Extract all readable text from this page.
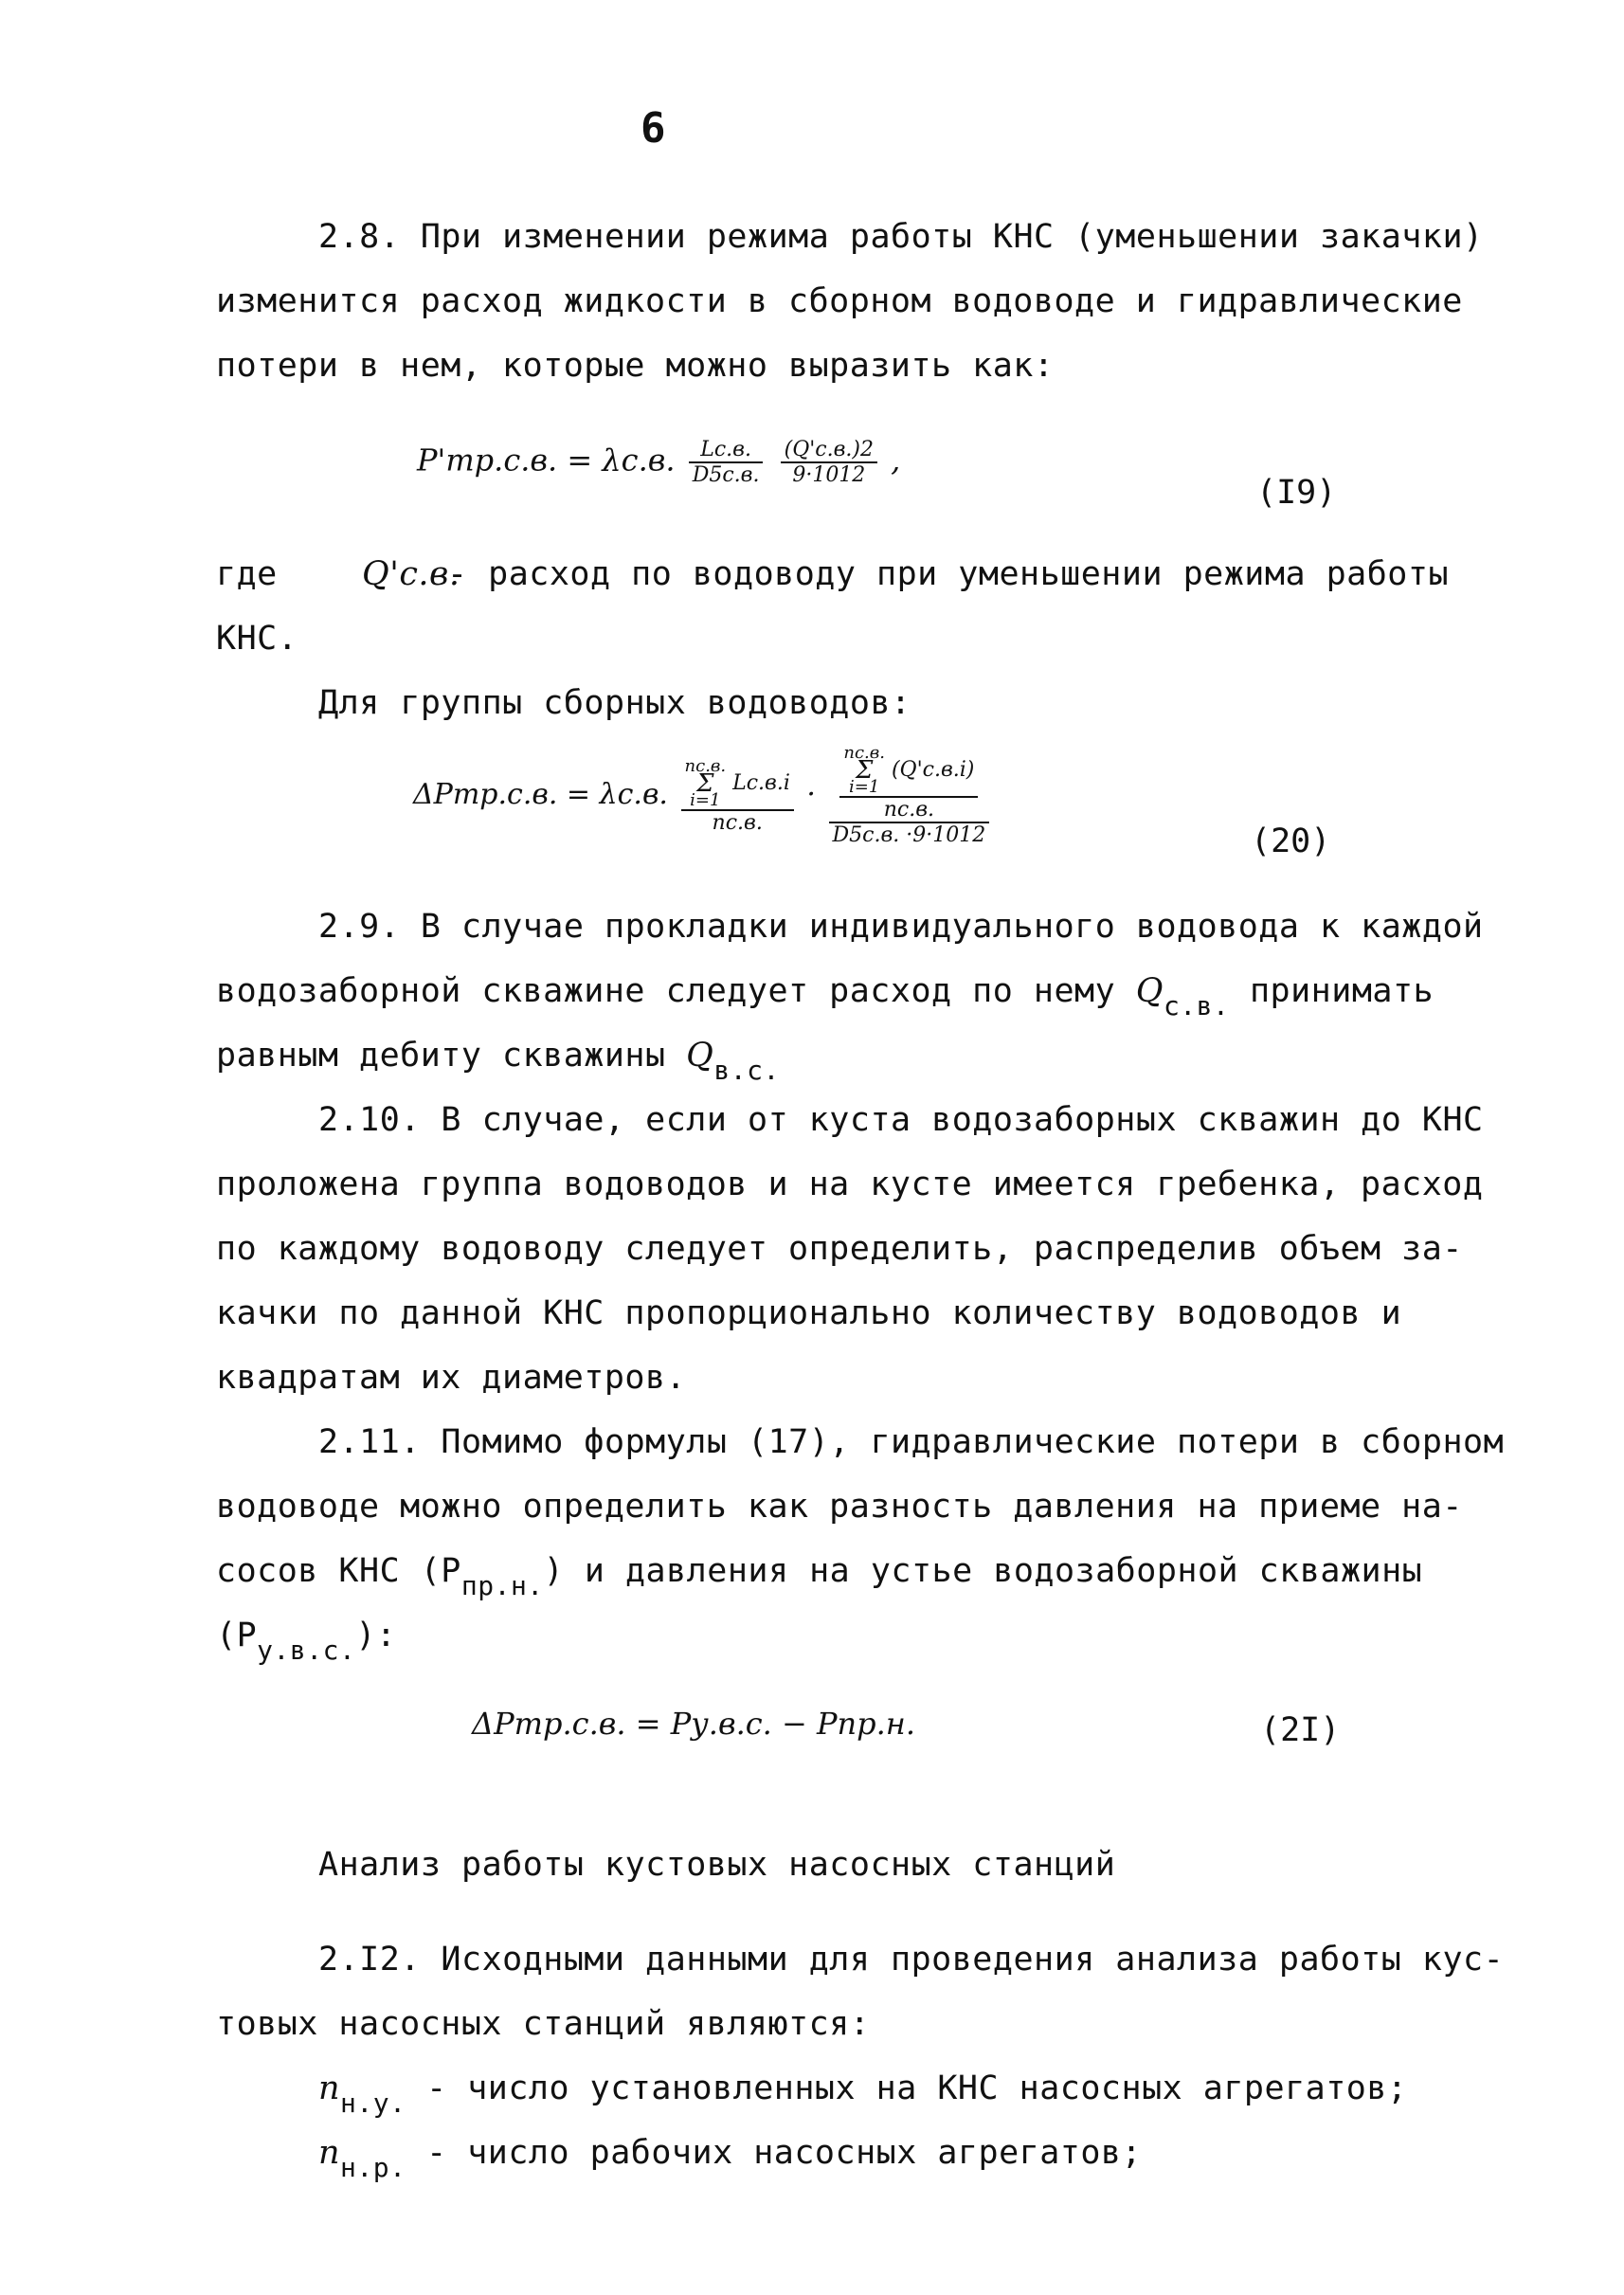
6
2.8. При изменении режима работы КНС (уменьшении закачки)
изменится расход жидкости в сборном водоводе и гидравлические
потери в нем, которые можно выразить как:
P'тр.с.в. = λс.в. $\frac{Lс.в.}{D5с.в.}$
$\frac{(Q'с.в.)2}{9\cdot 1012}$ ,
(I9)
где	Q'с.в.
- расход по водоводу при уменьшении режима работы
КНС.
Для группы сборных водоводов:
ΔPтр.с.в. = λс.в. nс.в.
Σ
i=1
Lс.в.i
nс.в. ·
nс.в.
Σ
i=1
(Q'с.в.i)
nс.в.
D5с.в. ·9·1012	(20)
2.9. В случае прокладки индивидуального водовода к каждой
водозаборной скважине следует расход по нему $Q_{с.в.}$ принимать
равным дебиту скважины $Q_{в.с.}$
2.10. В случае, если от куста водозаборных скважин до КНС
проложена группа водоводов и на кусте имеется гребенка, расход
по каждому водоводу следует определить, распределив объем за-
качки по данной КНС пропорционально количеству водоводов и
квадратам их диаметров.
2.11. Помимо формулы (17), гидравлические потери в сборном
водоводе можно определить как разность давления на приеме на-
сосов КНС $(P_{пр.н.})$ и давления на устье водозаборной скважины
$(P_{у.в.с.})$:
ΔPтр.с.в. = Pу.в.с. − Pпр.н.	(2I)
Анализ работы кустовых насосных станций
2.I2. Исходными данными для проведения анализа работы кус-
товых насосных станций являются:
$n_{н.у.}$ - число установленных на КНС насосных агрегатов;
$n_{н.р.}$ - число рабочих насосных агрегатов;
